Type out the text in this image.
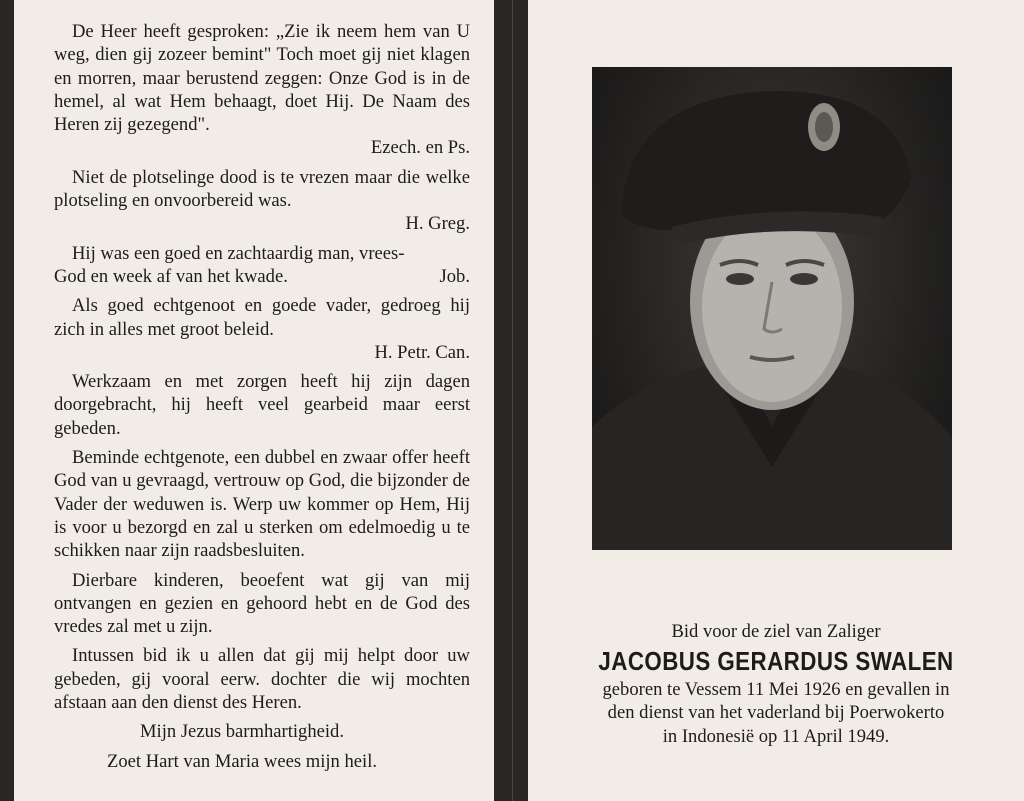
De Heer heeft gesproken: „Zie ik neem hem van U weg, dien gij zozeer bemint" Toch moet gij niet klagen en morren, maar berustend zeggen: Onze God is in de hemel, al wat Hem behaagt, doet Hij. De Naam des Heren zij gezegend".

Ezech. en Ps.

Niet de plotselinge dood is te vrezen maar die welke plotseling en onvoorbereid was.

H. Greg.

Hij was een goed en zachtaardig man, vrees-

God en week af van het kwade.	Job.

Als goed echtgenoot en goede vader, gedroeg hij zich in alles met groot beleid.

H. Petr. Can.

Werkzaam en met zorgen heeft hij zijn dagen doorgebracht, hij heeft veel gearbeid maar eerst gebeden.

Beminde echtgenote, een dubbel en zwaar offer heeft God van u gevraagd, vertrouw op God, die bijzonder de Vader der weduwen is. Werp uw kommer op Hem, Hij is voor u bezorgd en zal u sterken om edelmoedig u te schikken naar zijn raadsbesluiten.

Dierbare kinderen, beoefent wat gij van mij ontvangen en gezien en gehoord hebt en de God des vredes zal met u zijn.

Intussen bid ik u allen dat gij mij helpt door uw gebeden, gij vooral eerw. dochter die wij mochten afstaan aan den dienst des Heren.

Mijn Jezus barmhartigheid.
Zoet Hart van Maria wees mijn heil.
Bid voor de ziel van Zaliger
JACOBUS GERARDUS SWALEN
geboren te Vessem 11 Mei 1926 en gevallen in
den dienst van het vaderland bij Poerwokerto
in Indonesië op 11 April 1949.
